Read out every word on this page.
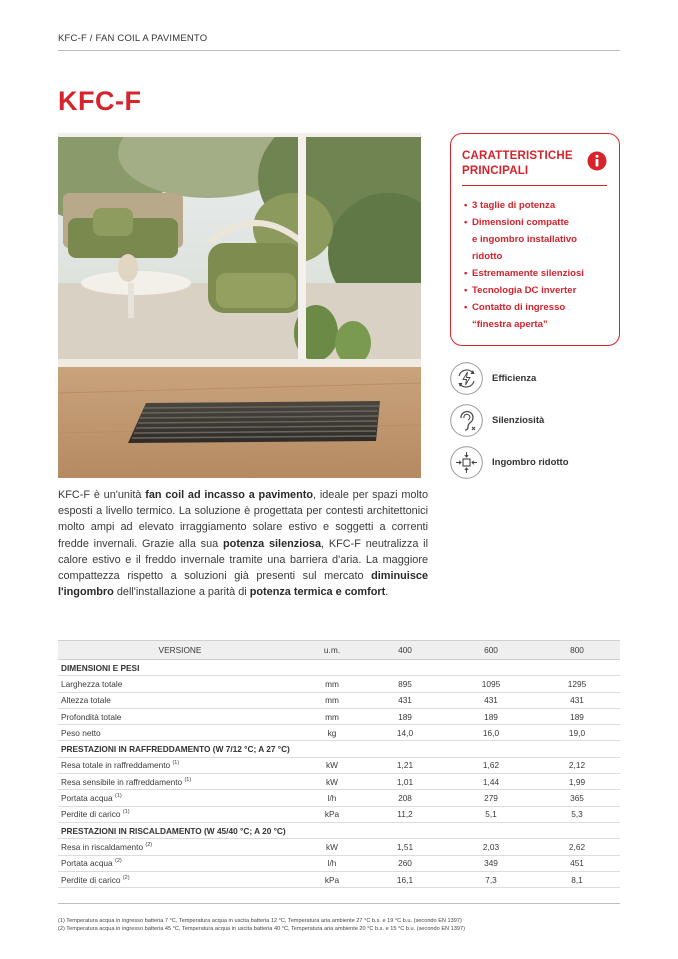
KFC-F / FAN COIL A PAVIMENTO
KFC-F
CARATTERISTICHE
PRINCIPALI
• 3 taglie di potenza
• Dimensioni compatte
e ingombro installativo
ridotto
• Estremamente silenziosi
• Tecnologia DC inverter
• Contatto di ingresso
“finestra aperta”
Efficienza
Silenziosità
Ingombro ridotto

KFC-F è un'unità fan coil ad incasso a pavimento, ideale per spazi molto esposti a livello termico. La soluzione è progettata per contesti architettonici molto ampi ad elevato irraggiamento solare estivo e soggetti a correnti fredde invernali. Grazie alla sua potenza silenziosa, KFC-F neutralizza il calore estivo e il freddo invernale tramite una barriera d'aria. La maggiore compattezza rispetto a soluzioni già presenti sul mercato diminuisce l'ingombro dell'installazione a parità di potenza termica e comfort.

VERSIONE	u.m.	400	600	800
DIMENSIONI E PESI				
Larghezza totale	mm	895	1095	1295
Altezza totale	mm	431	431	431
Profondità totale	mm	189	189	189
Peso netto	kg	14,0	16,0	19,0
PRESTAZIONI IN RAFFREDDAMENTO (W 7/12 °C; A 27 °C)				
Resa totale in raffreddamento $^{(1)}$	kW	1,21	1,62	2,12
Resa sensibile in raffreddamento $^{(1)}$	kW	1,01	1,44	1,99
Portata acqua $^{(1)}$	l/h	208	279	365
Perdite di carico $^{(1)}$	kPa	11,2	5,1	5,3
PRESTAZIONI IN RISCALDAMENTO (W 45/40 °C; A 20 °C)				
Resa in riscaldamento $^{(2)}$	kW	1,51	2,03	2,62
Portata acqua $^{(2)}$	l/h	260	349	451
Perdite di carico $^{(2)}$	kPa	16,1	7,3	8,1
(1) Temperatura acqua in ingresso batteria 7 °C, Temperatura acqua in uscita batteria 12 °C, Temperatura aria ambiente 27 °C b.s. e 19 °C b.u. (secondo EN 1397)
(2) Temperatura acqua in ingresso batteria 45 °C, Temperatura acqua in uscita batteria 40 °C, Temperatura aria ambiente 20 °C b.s. e 15 °C b.u. (secondo EN 1397)
